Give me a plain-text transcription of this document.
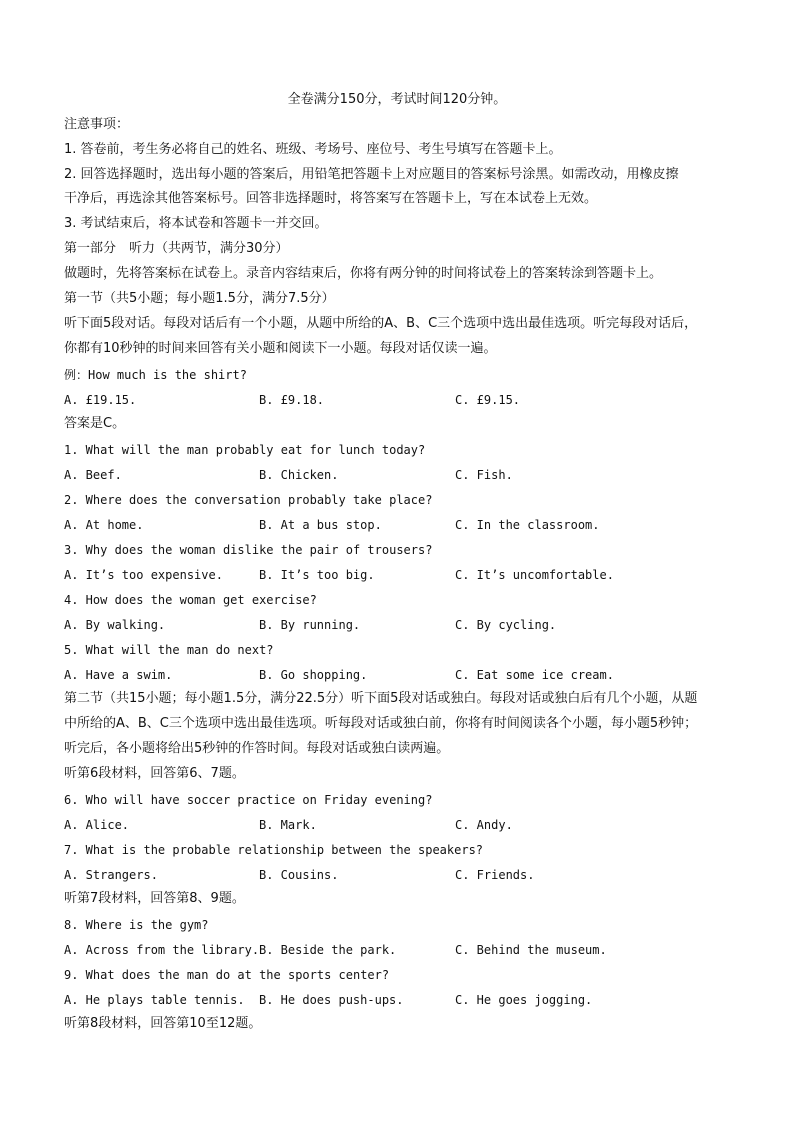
全卷满分150分，考试时间120分钟。
注意事项：
1. 答卷前，考生务必将自己的姓名、班级、考场号、座位号、考生号填写在答题卡上。
2. 回答选择题时，选出每小题的答案后，用铅笔把答题卡上对应题目的答案标号涂黑。如需改动，用橡皮擦
干净后，再选涂其他答案标号。回答非选择题时，将答案写在答题卡上，写在本试卷上无效。
3. 考试结束后，将本试卷和答题卡一并交回。
第一部分　听力（共两节，满分30分）
做题时，先将答案标在试卷上。录音内容结束后，你将有两分钟的时间将试卷上的答案转涂到答题卡上。
第一节（共5小题；每小题1.5分，满分7.5分）
听下面5段对话。每段对话后有一个小题，从题中所给的A、B、C三个选项中选出最佳选项。听完每段对话后，
你都有10秒钟的时间来回答有关小题和阅读下一小题。每段对话仅读一遍。
例：How much is the shirt?
A. £19.15.	B. £9.18.	C. £9.15.
答案是C。
1. What will the man probably eat for lunch today?
A. Beef.	B. Chicken.	C. Fish.
2. Where does the conversation probably take place?
A. At home.	B. At a bus stop.	C. In the classroom.
3. Why does the woman dislike the pair of trousers?
A. It’s too expensive.	B. It’s too big.	C. It’s uncomfortable.
4. How does the woman get exercise?
A. By walking.	B. By running.	C. By cycling.
5. What will the man do next?
A. Have a swim.	B. Go shopping.	C. Eat some ice cream.
第二节（共15小题；每小题1.5分，满分22.5分）听下面5段对话或独白。每段对话或独白后有几个小题，从题
中所给的A、B、C三个选项中选出最佳选项。听每段对话或独白前，你将有时间阅读各个小题，每小题5秒钟；
听完后，各小题将给出5秒钟的作答时间。每段对话或独白读两遍。
听第6段材料，回答第6、7题。
6. Who will have soccer practice on Friday evening?
A. Alice.	B. Mark.	C. Andy.
7. What is the probable relationship between the speakers?
A. Strangers.	B. Cousins.	C. Friends.
听第7段材料，回答第8、9题。
8. Where is the gym?
A. Across from the library. B. Beside the park.	C. Behind the museum.
9. What does the man do at the sports center?
A. He plays table tennis. B. He does push-ups.	C. He goes jogging.
听第8段材料，回答第10至12题。
